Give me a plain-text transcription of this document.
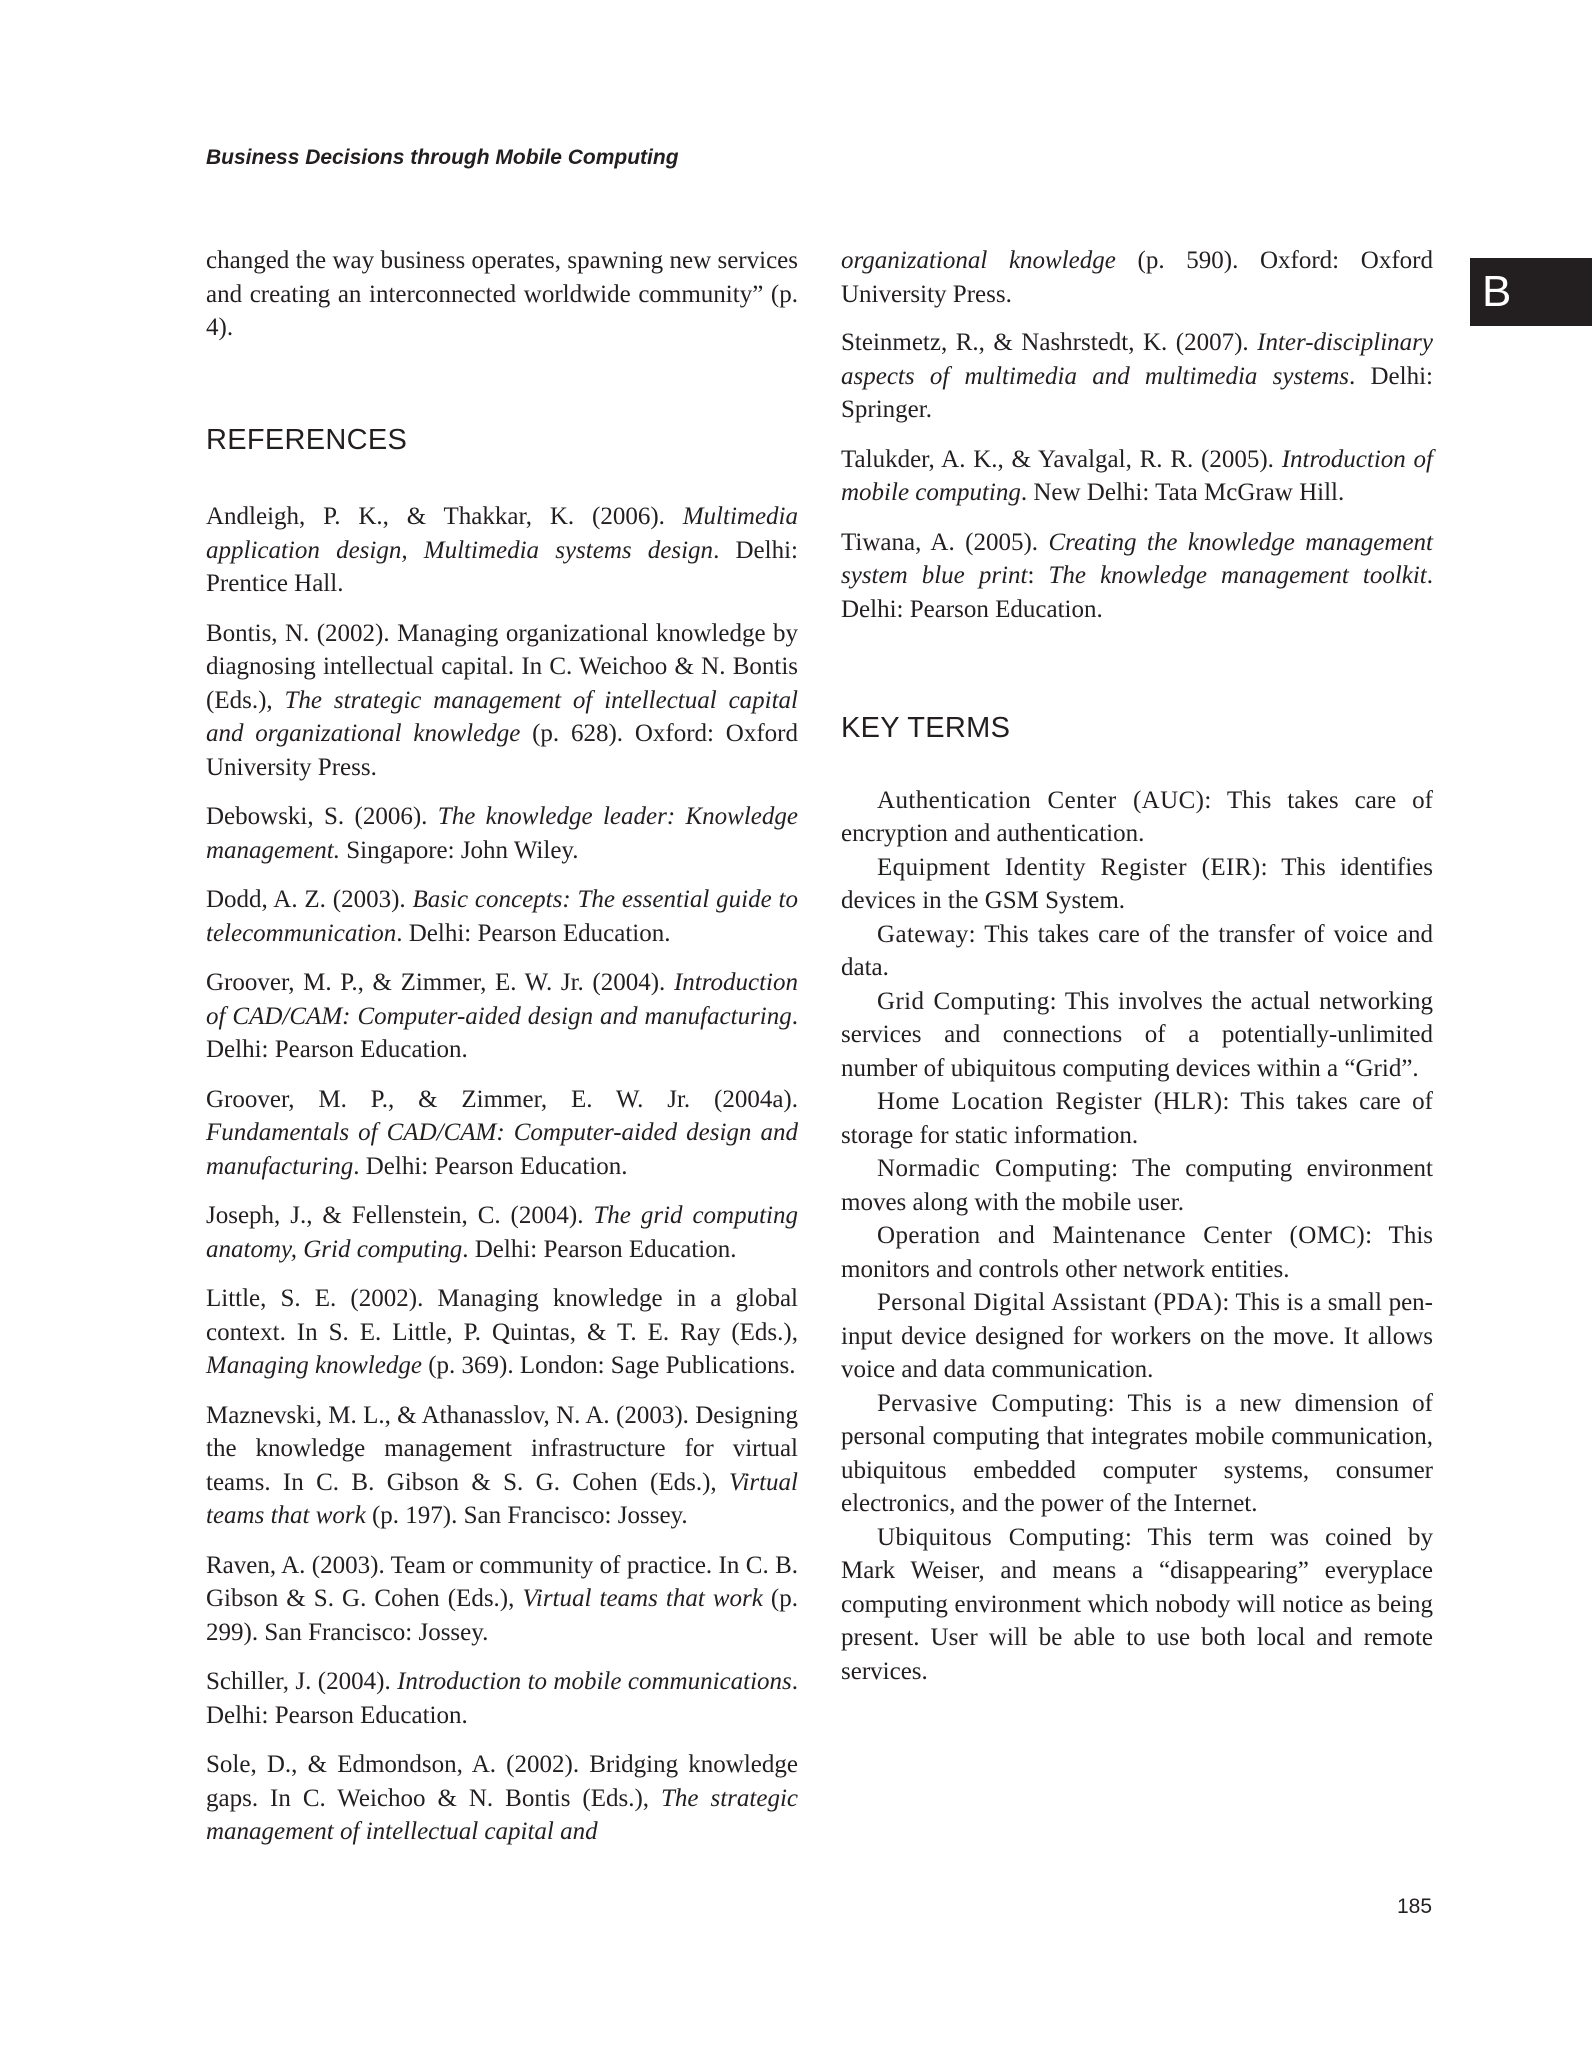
Business Decisions through Mobile Computing

B

changed the way business operates, spawning new services and creating an interconnected worldwide community” (p. 4).

REFERENCES

Andleigh, P. K., & Thakkar, K. (2006). Multimedia application design, Multimedia systems design. Delhi: Prentice Hall.

Bontis, N. (2002). Managing organizational knowledge by diagnosing intellectual capital. In C. Weichoo & N. Bontis (Eds.), The strategic management of intellectual capital and organizational knowledge (p. 628). Oxford: Oxford University Press.

Debowski, S. (2006). The knowledge leader: Knowledge management. Singapore: John Wiley.

Dodd, A. Z. (2003). Basic concepts: The essential guide to telecommunication. Delhi: Pearson Education.

Groover, M. P., & Zimmer, E. W. Jr. (2004). Introduction of CAD/CAM: Computer-aided design and manufacturing. Delhi: Pearson Education.

Groover, M. P., & Zimmer, E. W. Jr. (2004a). Fundamentals of CAD/CAM: Computer-aided design and manufacturing. Delhi: Pearson Education.

Joseph, J., & Fellenstein, C. (2004). The grid computing anatomy, Grid computing. Delhi: Pearson Education.

Little, S. E. (2002). Managing knowledge in a global context. In S. E. Little, P. Quintas, & T. E. Ray (Eds.), Managing knowledge (p. 369). London: Sage Publications.

Maznevski, M. L., & Athanasslov, N. A. (2003). Designing the knowledge management infrastructure for virtual teams. In C. B. Gibson & S. G. Cohen (Eds.), Virtual teams that work (p. 197). San Francisco: Jossey.

Raven, A. (2003). Team or community of practice. In C. B. Gibson & S. G. Cohen (Eds.), Virtual teams that work (p. 299). San Francisco: Jossey.

Schiller, J. (2004). Introduction to mobile communications. Delhi: Pearson Education.

Sole, D., & Edmondson, A. (2002). Bridging knowledge gaps. In C. Weichoo & N. Bontis (Eds.), The strategic management of intellectual capital and

organizational knowledge (p. 590). Oxford: Oxford University Press.

Steinmetz, R., & Nashrstedt, K. (2007). Inter-disciplinary aspects of multimedia and multimedia systems. Delhi: Springer.

Talukder, A. K., & Yavalgal, R. R. (2005). Introduction of mobile computing. New Delhi: Tata McGraw Hill.

Tiwana, A. (2005). Creating the knowledge management system blue print: The knowledge management toolkit. Delhi: Pearson Education.

KEY TERMS

Authentication Center (AUC): This takes care of encryption and authentication.

Equipment Identity Register (EIR): This identifies devices in the GSM System.

Gateway: This takes care of the transfer of voice and data.

Grid Computing: This involves the actual networking services and connections of a potentially-unlimited number of ubiquitous computing devices within a “Grid”.

Home Location Register (HLR): This takes care of storage for static information.

Normadic Computing: The computing environment moves along with the mobile user.

Operation and Maintenance Center (OMC): This monitors and controls other network entities.

Personal Digital Assistant (PDA): This is a small pen-input device designed for workers on the move. It allows voice and data communication.

Pervasive Computing: This is a new dimension of personal computing that integrates mobile communication, ubiquitous embedded computer systems, consumer electronics, and the power of the Internet.

Ubiquitous Computing: This term was coined by Mark Weiser, and means a “disappearing” everyplace computing environment which nobody will notice as being present. User will be able to use both local and remote services.

185
